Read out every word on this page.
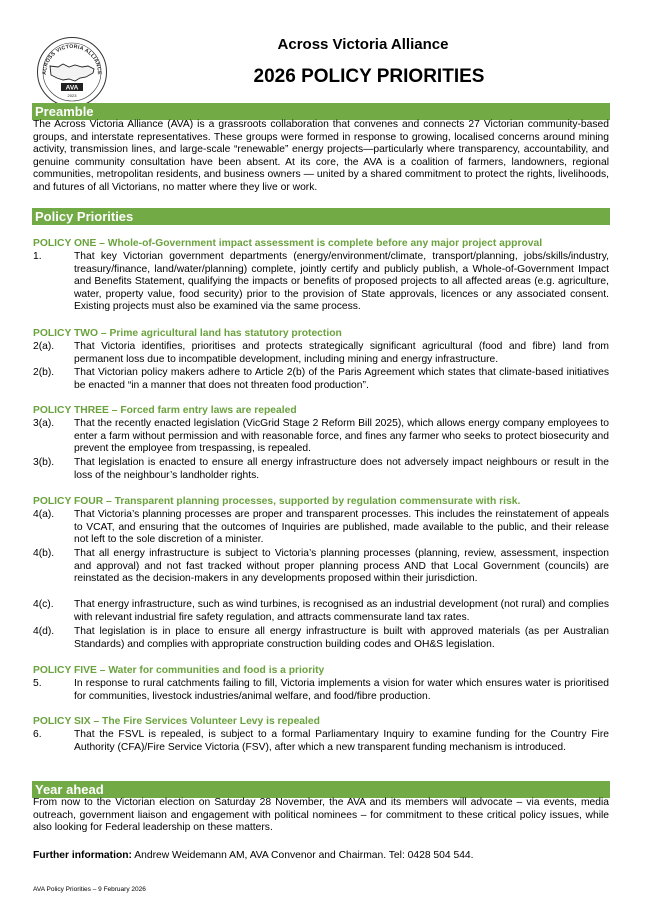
ACROSS VICTORIA ALLIANCE
AVA
2023
Across Victoria Alliance
2026 POLICY PRIORITIES
Preamble

The Across Victoria Alliance (AVA) is a grassroots collaboration that convenes and connects 27 Victorian community-based groups, and interstate representatives. These groups were formed in response to growing, localised concerns around mining activity, transmission lines, and large-scale “renewable” energy projects—particularly where transparency, accountability, and genuine community consultation have been absent. At its core, the AVA is a coalition of farmers, landowners, regional communities, metropolitan residents, and business owners — united by a shared commitment to protect the rights, livelihoods, and futures of all Victorians, no matter where they live or work.

Policy Priorities
POLICY ONE – Whole-of-Government impact assessment is complete before any major project approval
1.	That key Victorian government departments (energy/environment/climate, transport/planning, jobs/skills/industry, treasury/finance, land/water/planning) complete, jointly certify and publicly publish, a Whole-of-Government Impact and Benefits Statement, qualifying the impacts or benefits of proposed projects to all affected areas (e.g. agriculture, water, property value, food security) prior to the provision of State approvals, licences or any associated consent. Existing projects must also be examined via the same process.
POLICY TWO – Prime agricultural land has statutory protection
2(a).	That Victoria identifies, prioritises and protects strategically significant agricultural (food and fibre) land from permanent loss due to incompatible development, including mining and energy infrastructure.
2(b).	That Victorian policy makers adhere to Article 2(b) of the Paris Agreement which states that climate-based initiatives be enacted “in a manner that does not threaten food production”.
POLICY THREE – Forced farm entry laws are repealed
3(a).	That the recently enacted legislation (VicGrid Stage 2 Reform Bill 2025), which allows energy company employees to enter a farm without permission and with reasonable force, and fines any farmer who seeks to protect biosecurity and prevent the employee from trespassing, is repealed.
3(b).	That legislation is enacted to ensure all energy infrastructure does not adversely impact neighbours or result in the loss of the neighbour’s landholder rights.
POLICY FOUR – Transparent planning processes, supported by regulation commensurate with risk.
4(a).	That Victoria’s planning processes are proper and transparent processes. This includes the reinstatement of appeals to VCAT, and ensuring that the outcomes of Inquiries are published, made available to the public, and their release not left to the sole discretion of a minister.
4(b).	That all energy infrastructure is subject to Victoria’s planning processes (planning, review, assessment, inspection and approval) and not fast tracked without proper planning process AND that Local Government (councils) are reinstated as the decision-makers in any developments proposed within their jurisdiction.
4(c).	That energy infrastructure, such as wind turbines, is recognised as an industrial development (not rural) and complies with relevant industrial fire safety regulation, and attracts commensurate land tax rates.
4(d).	That legislation is in place to ensure all energy infrastructure is built with approved materials (as per Australian Standards) and complies with appropriate construction building codes and OH&S legislation.
POLICY FIVE – Water for communities and food is a priority
5.	In response to rural catchments failing to fill, Victoria implements a vision for water which ensures water is prioritised for communities, livestock industries/animal welfare, and food/fibre production.
POLICY SIX – The Fire Services Volunteer Levy is repealed
6.	That the FSVL is repealed, is subject to a formal Parliamentary Inquiry to examine funding for the Country Fire Authority (CFA)/Fire Service Victoria (FSV), after which a new transparent funding mechanism is introduced.
Year ahead

From now to the Victorian election on Saturday 28 November, the AVA and its members will advocate – via events, media outreach, government liaison and engagement with political nominees – for commitment to these critical policy issues, while also looking for Federal leadership on these matters.

Further information: Andrew Weidemann AM, AVA Convenor and Chairman. Tel: 0428 504 544.
AVA Policy Priorities – 9 February 2026
